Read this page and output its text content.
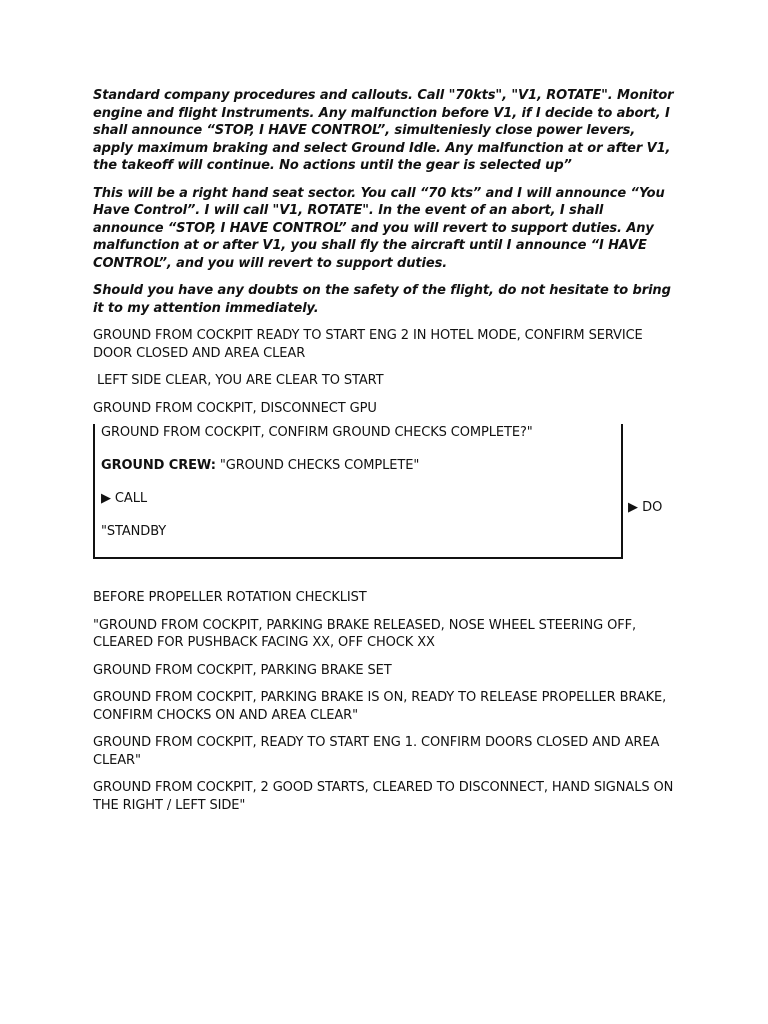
Standard company procedures and callouts. Call "70kts", "V1, ROTATE". Monitor engine and flight Instruments. Any malfunction before V1, if I decide to abort, I shall announce “STOP, I HAVE CONTROL”, simulteniesly close power levers, apply maximum braking and select Ground Idle. Any malfunction at or after V1, the takeoff will continue. No actions until the gear is selected up”

This will be a right hand seat sector. You call “70 kts” and I will announce “You Have Control”. I will call "V1, ROTATE". In the event of an abort, I shall announce “STOP, I HAVE CONTROL” and you will revert to support duties. Any malfunction at or after V1, you shall fly the aircraft until I announce “I HAVE CONTROL”, and you will revert to support duties.

Should you have any doubts on the safety of the flight, do not hesitate to bring it to my attention immediately.

GROUND FROM COCKPIT READY TO START ENG 2 IN HOTEL MODE, CONFIRM SERVICE DOOR CLOSED AND AREA CLEAR

LEFT SIDE CLEAR, YOU ARE CLEAR TO START

GROUND FROM COCKPIT, DISCONNECT GPU

GROUND FROM COCKPIT, CONFIRM GROUND CHECKS COMPLETE?"
GROUND CREW: "GROUND CHECKS COMPLETE"
▶ CALL
"STANDBY
▶ DO

BEFORE PROPELLER ROTATION CHECKLIST

"GROUND FROM COCKPIT, PARKING BRAKE RELEASED, NOSE WHEEL STEERING OFF, CLEARED FOR PUSHBACK FACING XX, OFF CHOCK XX

GROUND FROM COCKPIT, PARKING BRAKE SET

GROUND FROM COCKPIT, PARKING BRAKE IS ON, READY TO RELEASE PROPELLER BRAKE, CONFIRM CHOCKS ON AND AREA CLEAR"

GROUND FROM COCKPIT, READY TO START ENG 1. CONFIRM DOORS CLOSED AND AREA CLEAR"

GROUND FROM COCKPIT, 2 GOOD STARTS, CLEARED TO DISCONNECT, HAND SIGNALS ON THE RIGHT / LEFT SIDE"
